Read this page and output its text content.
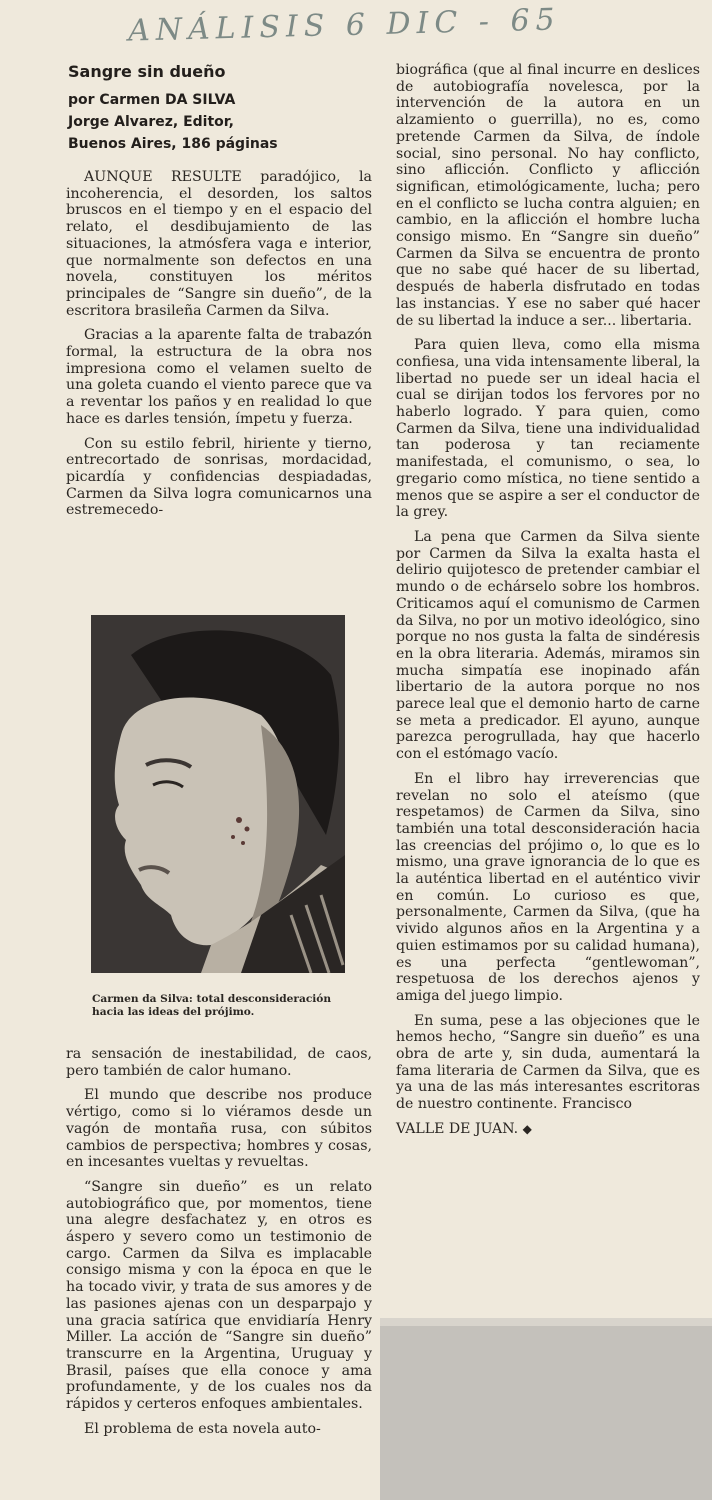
ANÁLISIS 6 DIC - 65
Sangre sin dueño
por Carmen DA SILVA
Jorge Alvarez, Editor,
Buenos Aires, 186 páginas

AUNQUE RESULTE paradójico, la incoherencia, el desorden, los saltos bruscos en el tiempo y en el espacio del relato, el desdibujamiento de las situaciones, la atmósfera vaga e interior, que normalmente son defectos en una novela, constituyen los méritos principales de “Sangre sin dueño”, de la escritora brasileña Carmen da Silva.

Gracias a la aparente falta de trabazón formal, la estructura de la obra nos impresiona como el velamen suelto de una goleta cuando el viento parece que va a reventar los paños y en realidad lo que hace es darles tensión, ímpetu y fuerza.

Con su estilo febril, hiriente y tierno, entrecortado de sonrisas, mordacidad, picardía y confidencias despiadadas, Carmen da Silva logra comunicarnos una estremecedo-

Carmen da Silva: total desconsideración hacia las ideas del prójimo.

ra sensación de inestabilidad, de caos, pero también de calor humano.

El mundo que describe nos produce vértigo, como si lo viéramos desde un vagón de montaña rusa, con súbitos cambios de perspectiva; hombres y cosas, en incesantes vueltas y revueltas.

“Sangre sin dueño” es un relato autobiográfico que, por momentos, tiene una alegre desfachatez y, en otros es áspero y severo como un testimonio de cargo. Carmen da Silva es implacable consigo misma y con la época en que le ha tocado vivir, y trata de sus amores y de las pasiones ajenas con un desparpajo y una gracia satírica que envidiaría Henry Miller. La acción de “Sangre sin dueño” transcurre en la Argentina, Uruguay y Brasil, países que ella conoce y ama profundamente, y de los cuales nos da rápidos y certeros enfoques ambientales.

El problema de esta novela auto-

biográfica (que al final incurre en deslices de autobiografía novelesca, por la intervención de la autora en un alzamiento o guerrilla), no es, como pretende Carmen da Silva, de índole social, sino personal. No hay conflicto, sino aflicción. Conflicto y aflicción significan, etimológicamente, lucha; pero en el conflicto se lucha contra alguien; en cambio, en la aflicción el hombre lucha consigo mismo. En “Sangre sin dueño” Carmen da Silva se encuentra de pronto que no sabe qué hacer de su libertad, después de haberla disfrutado en todas las instancias. Y ese no saber qué hacer de su libertad la induce a ser... libertaria.

Para quien lleva, como ella misma confiesa, una vida intensamente liberal, la libertad no puede ser un ideal hacia el cual se dirijan todos los fervores por no haberlo logrado. Y para quien, como Carmen da Silva, tiene una individualidad tan poderosa y tan reciamente manifestada, el comunismo, o sea, lo gregario como mística, no tiene sentido a menos que se aspire a ser el conductor de la grey.

La pena que Carmen da Silva siente por Carmen da Silva la exalta hasta el delirio quijotesco de pretender cambiar el mundo o de echárselo sobre los hombros. Criticamos aquí el comunismo de Carmen da Silva, no por un motivo ideológico, sino porque no nos gusta la falta de sindéresis en la obra literaria. Además, miramos sin mucha simpatía ese inopinado afán libertario de la autora porque no nos parece leal que el demonio harto de carne se meta a predicador. El ayuno, aunque parezca perogrullada, hay que hacerlo con el estómago vacío.

En el libro hay irreverencias que revelan no solo el ateísmo (que respetamos) de Carmen da Silva, sino también una total desconsideración hacia las creencias del prójimo o, lo que es lo mismo, una grave ignorancia de lo que es la auténtica libertad en el auténtico vivir en común. Lo curioso es que, personalmente, Carmen da Silva, (que ha vivido algunos años en la Argentina y a quien estimamos por su calidad humana), es una perfecta “gentlewoman”, respetuosa de los derechos ajenos y amiga del juego limpio.

En suma, pese a las objeciones que le hemos hecho, “Sangre sin dueño” es una obra de arte y, sin duda, aumentará la fama literaria de Carmen da Silva, que es ya una de las más interesantes escritoras de nuestro continente. Francisco

VALLE DE JUAN. ◆
